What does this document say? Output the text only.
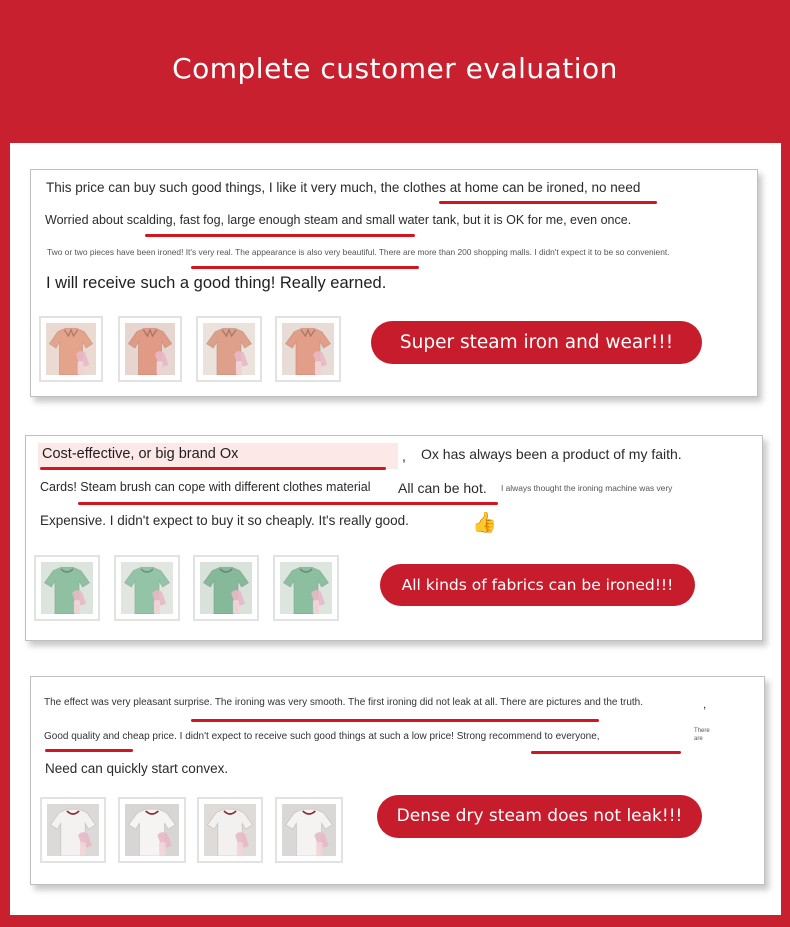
Complete customer evaluation
This price can buy such good things, I like it very much, the clothes at home can be ironed, no need
Worried about scalding, fast fog, large enough steam and small water tank, but it is OK for me, even once.
Two or two pieces have been ironed! It's very real. The appearance is also very beautiful. There are more than 200 shopping malls. I didn't expect it to be so convenient.
I will receive such a good thing! Really earned.
Super steam iron and wear!!!
Cost-effective, or big brand Ox	, Ox has always been a product of my faith.
Cards! Steam brush can cope with different clothes material All can be hot. I always thought the ironing machine was very
Expensive. I didn't expect to buy it so cheaply. It's really good.	👍
All kinds of fabrics can be ironed!!!
The effect was very pleasant surprise. The ironing was very smooth. The first ironing did not leak at all. There are pictures and the truth.	,
Good quality and cheap price. I didn't expect to receive such good things at such a low price! Strong recommend to everyone,	There
are
Need can quickly start convex.
Dense dry steam does not leak!!!
